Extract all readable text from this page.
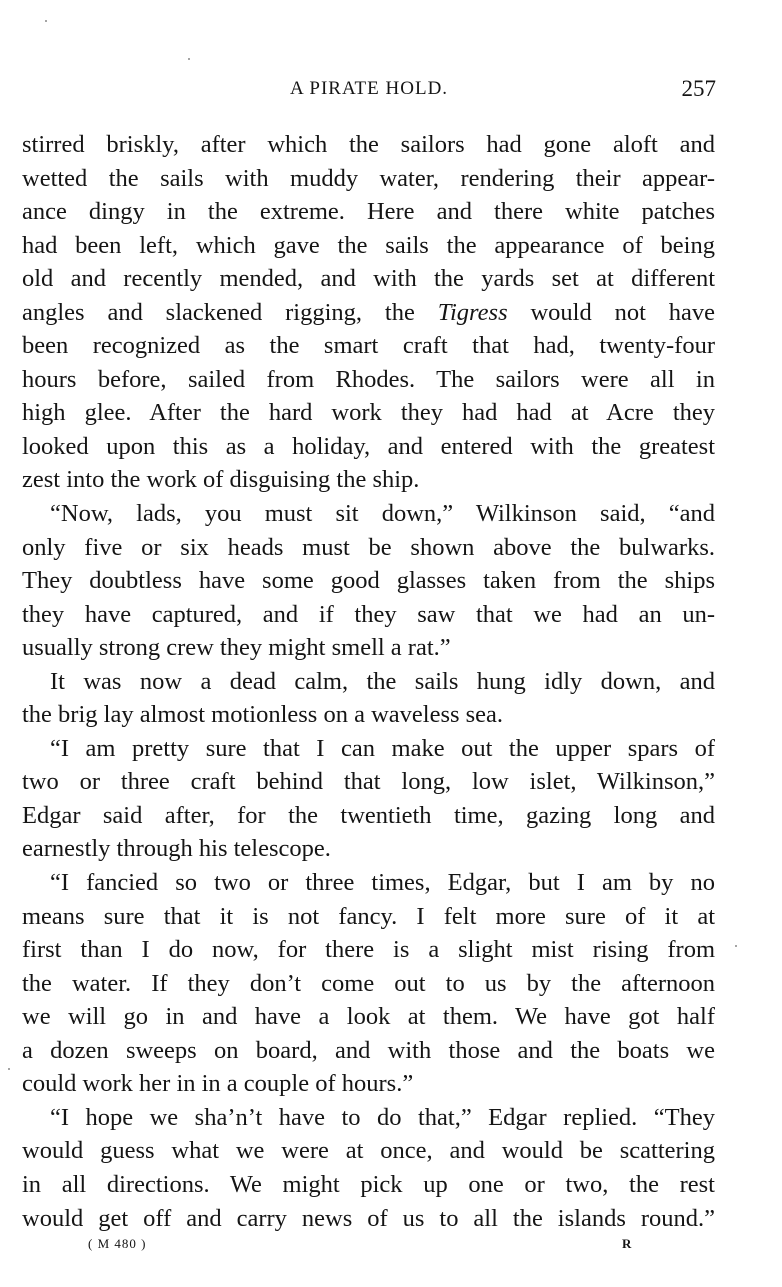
A PIRATE HOLD.	257
stirred briskly, after which the sailors had gone aloft and
wetted the sails with muddy water, rendering their appear-
ance dingy in the extreme. Here and there white patches
had been left, which gave the sails the appearance of being
old and recently mended, and with the yards set at different
angles and slackened rigging, the Tigress would not have
been recognized as the smart craft that had, twenty-four
hours before, sailed from Rhodes. The sailors were all in
high glee. After the hard work they had had at Acre they
looked upon this as a holiday, and entered with the greatest
zest into the work of disguising the ship.
“Now, lads, you must sit down,” Wilkinson said, “and
only five or six heads must be shown above the bulwarks.
They doubtless have some good glasses taken from the ships
they have captured, and if they saw that we had an un-
usually strong crew they might smell a rat.”
It was now a dead calm, the sails hung idly down, and
the brig lay almost motionless on a waveless sea.
“I am pretty sure that I can make out the upper spars of
two or three craft behind that long, low islet, Wilkinson,”
Edgar said after, for the twentieth time, gazing long and
earnestly through his telescope.
“I fancied so two or three times, Edgar, but I am by no
means sure that it is not fancy. I felt more sure of it at
first than I do now, for there is a slight mist rising from
the water. If they don’t come out to us by the afternoon
we will go in and have a look at them. We have got half
a dozen sweeps on board, and with those and the boats we
could work her in in a couple of hours.”
“I hope we sha’n’t have to do that,” Edgar replied. “They
would guess what we were at once, and would be scattering
in all directions. We might pick up one or two, the rest
would get off and carry news of us to all the islands round.”
( M 480 )	R
